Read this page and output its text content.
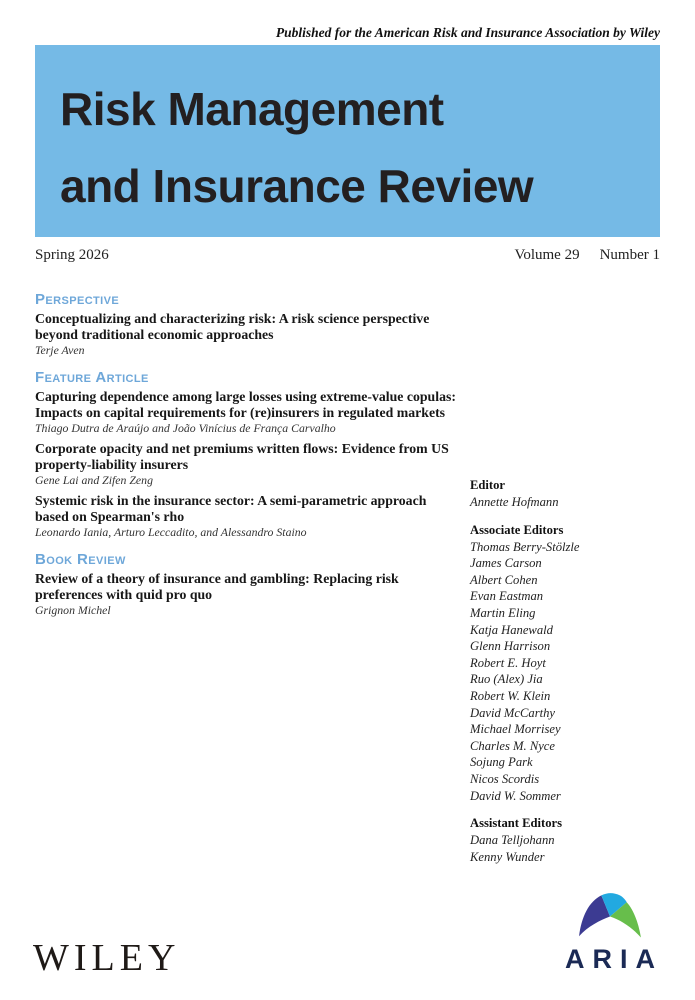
Published for the American Risk and Insurance Association by Wiley
Risk Management
and Insurance Review
Spring 2026	Volume 29 Number 1
Perspective

Conceptualizing and characterizing risk: A risk science perspective beyond traditional economic approaches

Terje Aven

Feature Article

Capturing dependence among large losses using extreme-value copulas: Impacts on capital requirements for (re)insurers in regulated markets

Thiago Dutra de Araújo and João Vinícius de França Carvalho

Corporate opacity and net premiums written flows: Evidence from US property-liability insurers

Gene Lai and Zifen Zeng

Systemic risk in the insurance sector: A semi-parametric approach based on Spearman's rho

Leonardo Iania, Arturo Leccadito, and Alessandro Staino

Book Review

Review of a theory of insurance and gambling: Replacing risk preferences with quid pro quo

Grignon Michel

Editor
Annette Hofmann
Associate Editors
Thomas Berry-Stölzle
James Carson
Albert Cohen
Evan Eastman
Martin Eling
Katja Hanewald
Glenn Harrison
Robert E. Hoyt
Ruo (Alex) Jia
Robert W. Klein
David McCarthy
Michael Morrisey
Charles M. Nyce
Sojung Park
Nicos Scordis
David W. Sommer
Assistant Editors
Dana Telljohann
Kenny Wunder
WILEY	ARIA
